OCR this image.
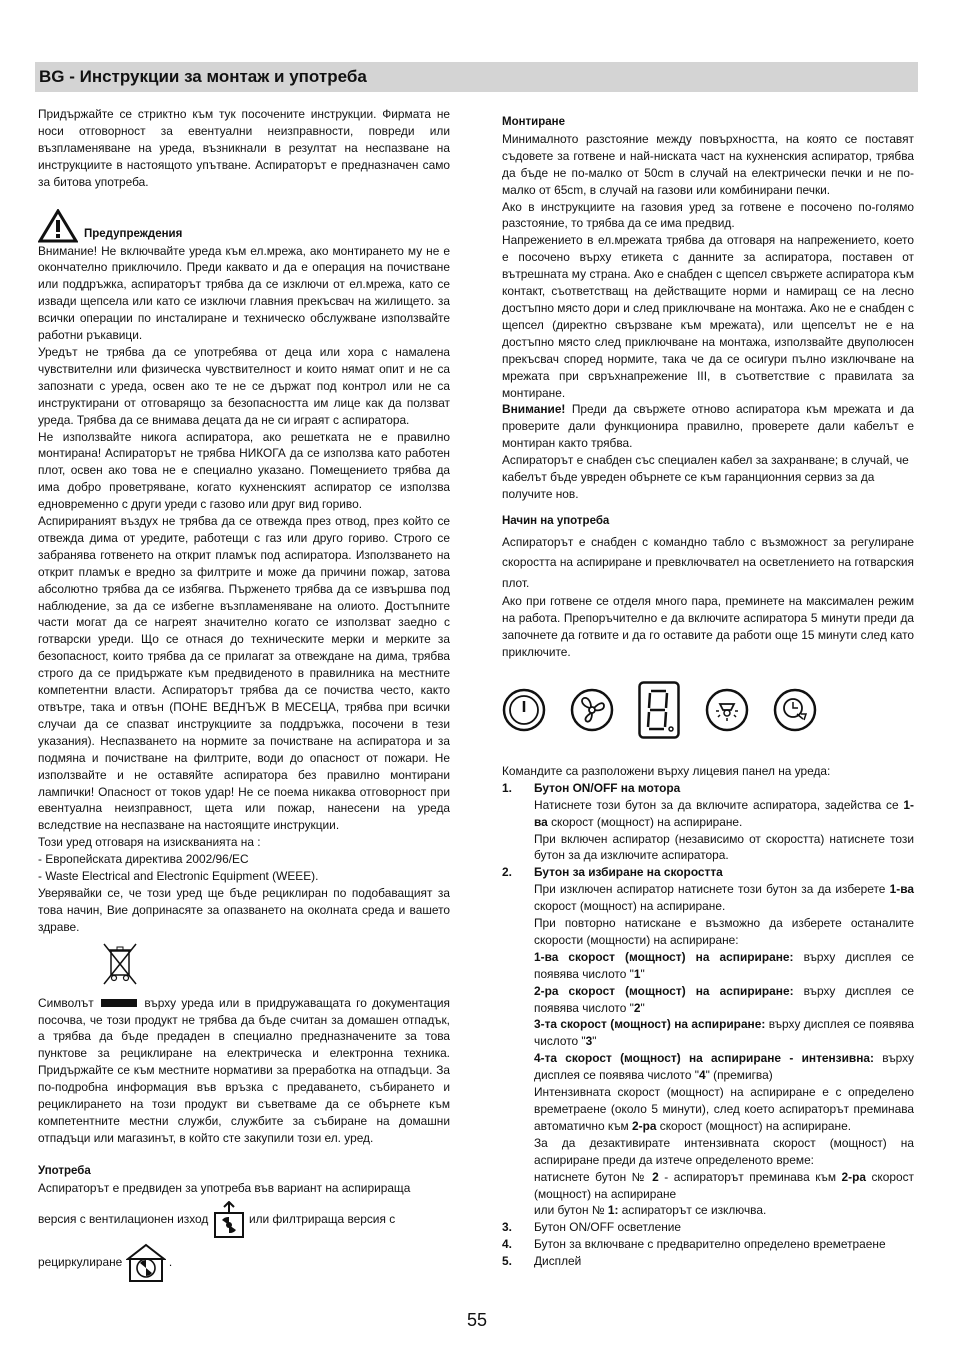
BG - Инструкции за монтаж и употреба

Придържайте се стриктно към тук посочените инструкции. Фирмата не носи отговорност за евентуални неизправности, повреди или възпламеняване на уреда, възникнали в резултат на неспазване на инструкциите в настоящото упътване. Аспираторът е предназначен само за битова употреба.

Предупреждения

Внимание! Не включвайте уреда към ел.мрежа, ако монтирането му не е окончателно приключило. Преди каквато и да е операция на почистване или поддръжка, аспираторът трябва да се изключи от ел.мрежа, като се извади щепсела или като се изключи главния прекъсвач на жилището. за всички операции по инсталиране и техническо обслужване използвайте работни ръкавици.

Уредът не трябва да се употребява от деца или хора с намалена чувствителни или физическа чувствителност и които нямат опит и не са запознати с уреда, освен ако те не се държат под контрол или не са инструктирани от отговарящо за безопасността им лице как да ползват уреда. Трябва да се внимава децата да не си играят с аспиратора.

Не използвайте никога аспиратора, ако решетката не е правилно монтирана! Аспираторът не трябва НИКОГА да се използва като работен плот, освен ако това не е специално указано. Помещението трябва да има добро проветряване, когато кухненският аспиратор се използва едновременно с други уреди с газово или друг вид гориво.

Аспирираният въздух не трябва да се отвежда през отвод, през който се отвежда дима от уредите, работещи с газ или друго гориво. Строго се забранява готвенето на открит пламък под аспиратора. Използването на открит пламък е вредно за филтрите и може да причини пожар, затова абсолютно трябва да се избягва. Пърженето трябва да се извършва под наблюдение, за да се избегне възпламеняване на олиото. Достъпните части могат да се нагреят значително когато се използват заедно с готварски уреди. Що се отнася до техническите мерки и мерките за безопасност, които трябва да се прилагат за отвеждане на дима, трябва строго да се придържате към предвиденото в правилника на местните компетентни власти. Аспираторът трябва да се почиства често, както отвътре, така и отвън (ПОНЕ ВЕДНЪЖ В МЕСЕЦА, трябва при всички случаи да се спазват инструкциите за поддръжка, посочени в тези указания). Неспазването на нормите за почистване на аспиратора и за подмяна и почистване на филтрите, води до опасност от пожари. Не използвайте и не оставяйте аспиратора без правилно монтирани лампички! Опасност от токов удар! Не се поема никаква отговорност при евентуална неизправност, щета или пожар, нанесени на уреда вследствие на неспазване на настоящите инструкции.

Този уред отговаря на изискванията на :

- Европейската директива 2002/96/EC

- Waste Electrical and Electronic Equipment (WEEE).

Уверявайки се, че този уред ще бъде рециклиран по подобаващият за това начин, Вие допринасяте за опазването на околната среда и вашето здраве.

Символът	върху уреда или в придружаващата го документация посочва, че този продукт не трябва да бъде считан за домашен отпадък, а трябва да бъде предаден в специално предназначените за това пунктове за рециклиране на електрическа и електронна техника. Придържайте се към местните нормативи за преработка на отпадъци. За по-подробна информация във връзка с предаването, събирането и рециклирането на този продукт ви съветваме да се обърнете към компетентните местни служби, службите за събиране на домашни отпадъци или магазинът, в който сте закупили този ел. уред.

Употреба

Аспираторът е предвиден за употреба във вариант на аспирираща

версия с вентилационен изход	или филтрираща версия с

рециркулиране	.

Монтиране

Минималното разстояние между повърхността, на която се поставят съдовете за готвене и най-ниската част на кухненския аспиратор, трябва да бъде не по-малко от 50cm в случай на електрически печки и не по-малко от 65cm, в случай на газови или комбинирани печки.

Ако в инструкциите на газовия уред за готвене е посочено по-голямо разстояние, то трябва да се има предвид.

Напрежението в ел.мрежата трябва да отговаря на напрежението, което е посочено върху етикета с данните за аспиратора, поставен от вътрешната му страна. Ако е снабден с щепсел свържете аспиратора към контакт, съответстващ на действащите норми и намиращ се на лесно достъпно място дори и след приключване на монтажа. Ако не е снабден с щепсел (директно свързване към мрежата), или щепселът не е на достъпно място след приключване на монтажа, използвайте двуполюсен прекъсвач според нормите, така че да се осигури пълно изключване на мрежата при свръхнапрежение III, в съответствие с правилата за монтиране.

Внимание! Преди да свържете отново аспиратора към мрежата и да проверите дали функционира правилно, проверете дали кабелът е монтиран както трябва.

Аспираторът е снабден със специален кабел за захранване; в случай, че кабелът бъде увреден обърнете се към гаранционния сервиз за да получите нов.

Начин на употреба

Аспираторът е снабден с командно табло с възможност за регулиране скоростта на аспириране и превключвател на осветлението на готварския плот.

Ако при готвене се отделя много пара, преминете на максимален режим на работа. Препоръчително е да включите аспиратора 5 минути преди да започнете да готвите и да го оставите да работи още 15 минути след като приключите.

Командите са разположени върху лицевия панел на уреда:

1. Бутон ON/OFF на мотора

Натиснете този бутон за да включите аспиратора, задейства се 1-ва скорост (мощност) на аспириране.

При включен аспиратор (независимо от скоростта) натиснете този бутон за да изключите аспиратора.

2. Бутон за избиране на скоростта

При изключен аспиратор натиснете този бутон за да изберете 1-ва скорост (мощност) на аспириране.

При повторно натискане е възможно да изберете останалите скорости (мощности) на аспириране:

1-ва скорост (мощност) на аспириране: върху дисплея се появява числото "1"

2-ра скорост (мощност) на аспириране: върху дисплея се появява числото "2"

3-та скорост (мощност) на аспириране: върху дисплея се появява числото "3"

4-та скорост (мощност) на аспириране - интензивна: върху дисплея се появява числото "4" (премигва)

Интензивната скорост (мощност) на аспириране е с определено времетраене (около 5 минути), след което аспираторът преминава автоматично към 2-ра скорост (мощност) на аспириране.

За да дезактивирате интензивната скорост (мощност) на аспириране преди да изтече определеното време:

натиснете бутон № 2 - аспираторът преминава към 2-ра скорост (мощност) на аспириране

или бутон № 1: аспираторът се изключва.

3. Бутон ON/OFF осветление
4. Бутон за включване с предварително определено времетраене
5. Дисплей
55
